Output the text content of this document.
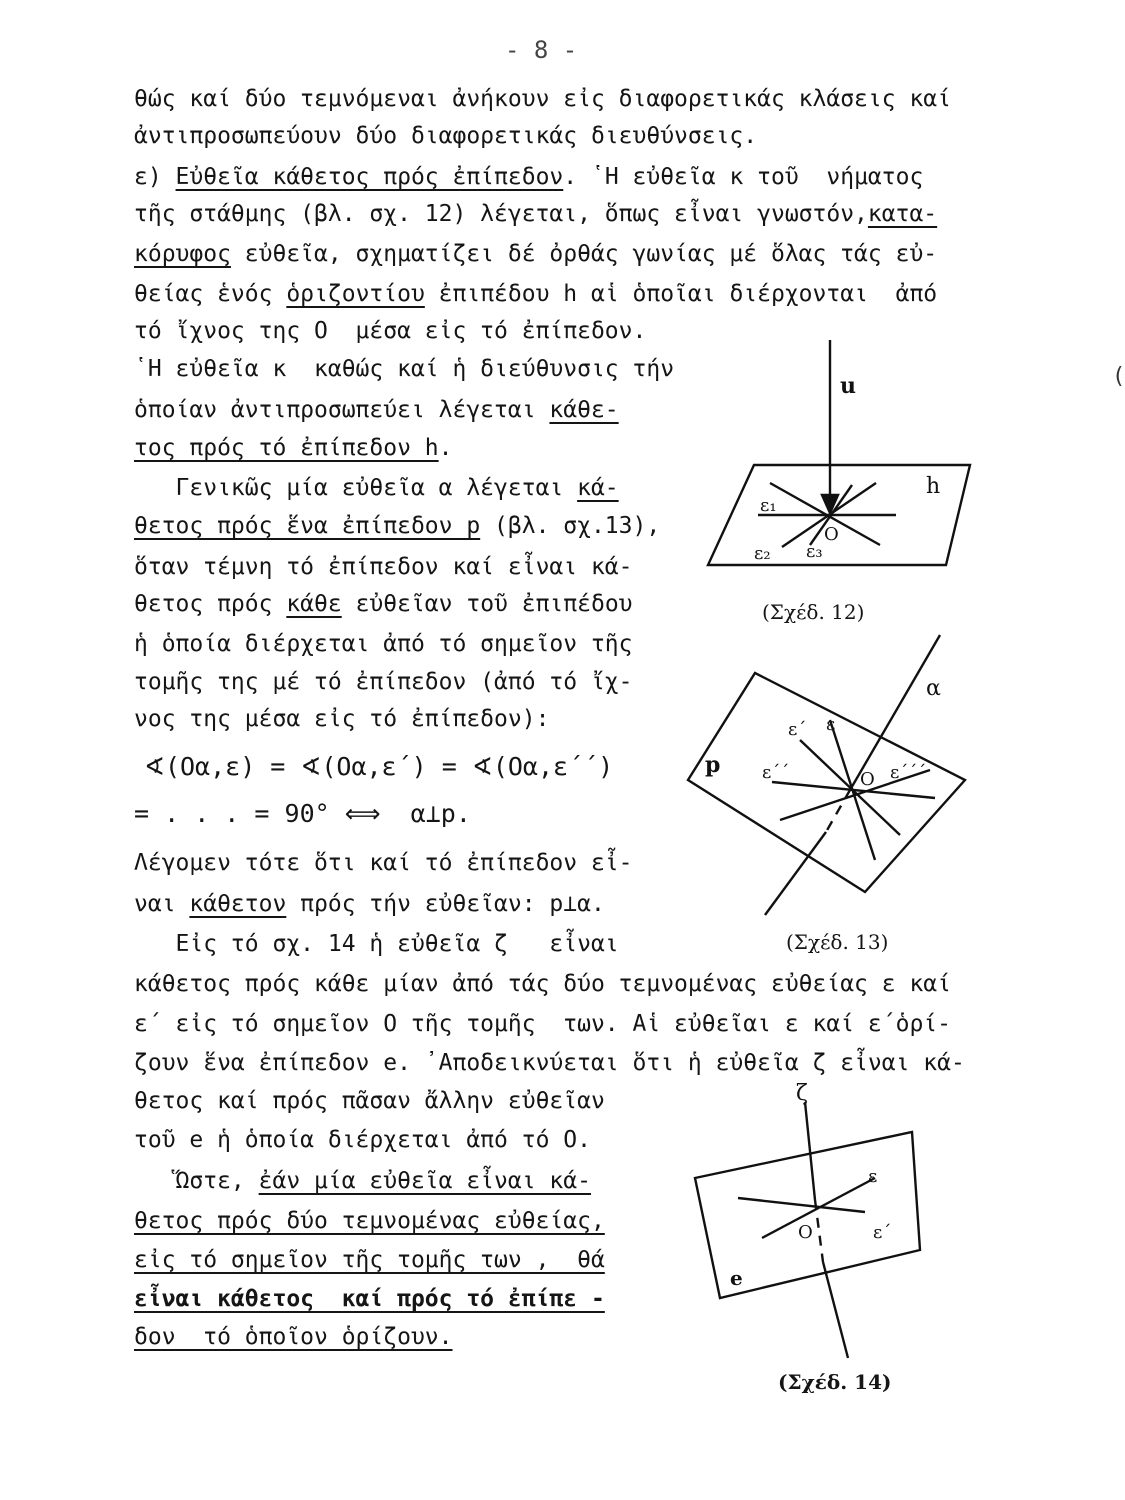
- 8 -
θώς καί δύο τεμνόμεναι ἀνήκουν εἰς διαφορετικάς κλάσεις καί
ἀντιπροσωπεύουν δύο διαφορετικάς διευθύνσεις.
ε) Εὐθεῖα κάθετος πρός ἐπίπεδον. ῾Η εὐθεῖα κ τοῦ  νήματος
τῆς στάθμης (βλ. σχ. 12) λέγεται, ὅπως εἶναι γνωστόν,κατα-
κόρυφος εὐθεῖα, σχηματίζει δέ ὀρθάς γωνίας μέ ὅλας τάς εὐ-
θείας ἑνός ὁριζοντίου ἐπιπέδου h αἱ ὁποῖαι διέρχονται  ἀπό
τό ἴχνος της Ο  μέσα εἰς τό ἐπίπεδον.
῾Η εὐθεῖα κ  καθώς καί ἡ διεύθυνσις τήν
ὁποίαν ἀντιπροσωπεύει λέγεται κάθε-
τος πρός τό ἐπίπεδον h.
Γενικῶς μία εὐθεῖα α λέγεται κά-
θετος πρός ἕνα ἐπίπεδον p (βλ. σχ.13),
ὅταν τέμνη τό ἐπίπεδον καί εἶναι κά-
θετος πρός κάθε εὐθεῖαν τοῦ ἐπιπέδου
ἡ ὁποία διέρχεται ἀπό τό σημεῖον τῆς
τομῆς της μέ τό ἐπίπεδον (ἀπό τό ἴχ-
νος της μέσα εἰς τό ἐπίπεδον):
∢(Οα,ε) = ∢(Οα,ε΄) = ∢(Οα,ε΄΄)
= . . . = 90° ⟺  α⊥p.
Λέγομεν τότε ὅτι καί τό ἐπίπεδον εἶ-
ναι κάθετον πρός τήν εὐθεῖαν: p⊥α.
Εἰς τό σχ. 14 ἡ εὐθεῖα ζ   εἶναι
κάθετος πρός κάθε μίαν ἀπό τάς δύο τεμνομένας εὐθείας ε καί
ε΄ εἰς τό σημεῖον Ο τῆς τομῆς  των. Αἱ εὐθεῖαι ε καί ε΄ὁρί-
ζουν ἕνα ἐπίπεδον e. ᾿Αποδεικνύεται ὅτι ἡ εὐθεῖα ζ εἶναι κά-
θετος καί πρός πᾶσαν ἄλλην εὐθεῖαν
τοῦ e ἡ ὁποία διέρχεται ἀπό τό Ο.
Ὥστε, ἐάν μία εὐθεῖα εἶναι κά-
θετος πρός δύο τεμνομένας εὐθείας,
εἰς τό σημεῖον τῆς τομῆς των ,  θά
εἶναι κάθετος  καί πρός τό ἐπίπε -
δον  τό ὁποῖον ὁρίζουν.
u
h
O
ε₁
ε₂ ε₃
(Σχέδ. 12)
α
p
O
ε
ε΄
ε΄΄	ε΄΄΄
(Σχέδ. 13)
ζ
e
O
ε
ε΄
(Σχέδ. 14)
(
